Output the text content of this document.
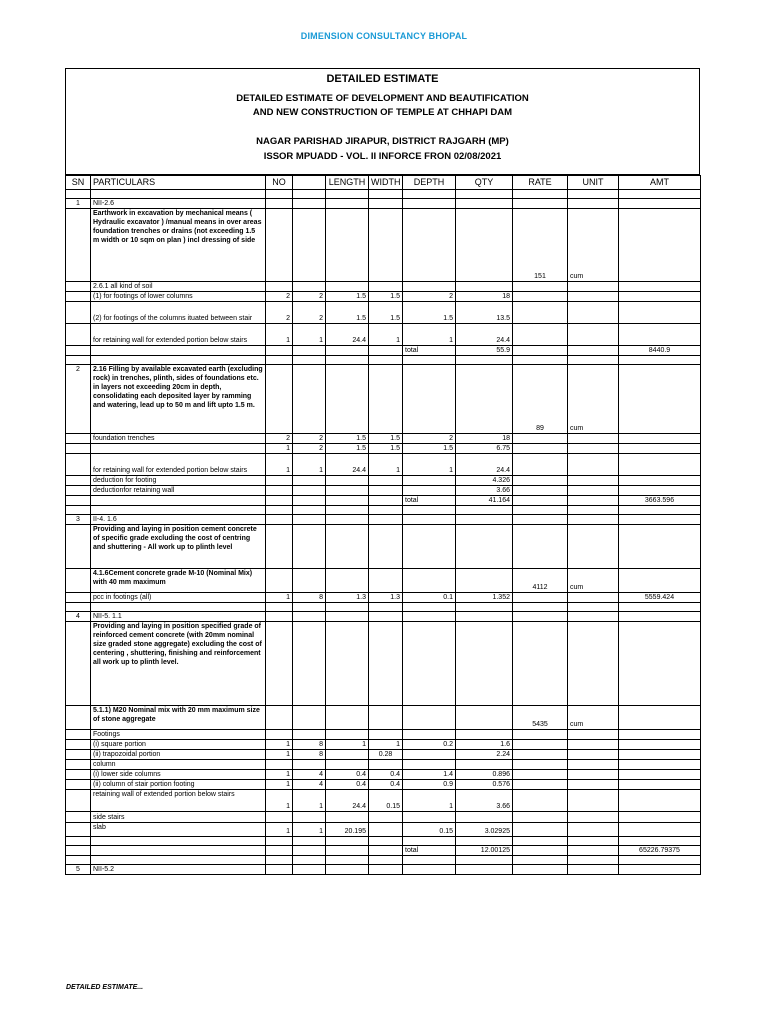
DIMENSION CONSULTANCY BHOPAL
DETAILED ESTIMATE
DETAILED ESTIMATE OF DEVELOPMENT AND BEAUTIFICATION
AND NEW CONSTRUCTION OF TEMPLE AT CHHAPI DAM
NAGAR PARISHAD JIRAPUR, DISTRICT RAJGARH (MP)
ISSOR MPUADD - VOL. II INFORCE FRON 02/08/2021
SN	PARTICULARS	NO		LENGTH	WIDTH	DEPTH	QTY	RATE	UNIT	AMT

1	NII-2.6									
	Earthwork in excavation by mechanical means ( Hydraulic excavator ) /manual means in over areas foundation trenches or drains (not exceeding 1.5 m width or 10 sqm on plan ) incl dressing of side							151	cum	
	2.6.1 all kind of soil									
	(1) for footings of lower columns	2	2	1.5	1.5	2	18			
	(2) for footings of the columns ituated between stair	2	2	1.5	1.5	1.5	13.5			
	for retaining wall for extended portion below stairs	1	1	24.4	1	1	24.4			
						total	55.9			8440.9

2	2.16 Filling by available excavated earth (excluding rock) in trenches, plinth, sides of foundations etc. in layers not exceeding 20cm in depth, consolidating each deposited layer by ramming and watering, lead up to 50 m and lift upto 1.5 m.							89	cum	
	foundation trenches	2	2	1.5	1.5	2	18			
		1	2	1.5	1.5	1.5	6.75			
	for retaining wall for extended portion below stairs	1	1	24.4	1	1	24.4			
	deduction for footing						4.326			
	deductionfor retaining wall						3.66			
						total	41.164			3663.596

3	II-4. 1.6									
	Providing and laying in position cement concrete of specific grade excluding the cost of centring and shuttering - All work up to plinth level									
	4.1.6Cement concrete grade M-10 (Nominal Mix) with 40 mm maximum							4112	cum	
	pcc in footings (all)	1	8	1.3	1.3	0.1	1.352			5559.424

4	NII-5. 1.1									
	Providing and laying in position specified grade of reinforced cement concrete (with 20mm nominal size graded stone aggregate) excluding the cost of centering , shuttering, finishing and reinforcement all work up to plinth level.									
	5.1.1) M20 Nominal mix with 20 mm maximum size of stone aggregate							5435	cum	
	Footings									
	(i) square portion	1	8	1	1	0.2	1.6			
	(ii) trapozoidal portion	1	8		0.28		2.24			
	column									
	(i) lower side columns	1	4	0.4	0.4	1.4	0.896			
	(ii) column of stair portion footing	1	4	0.4	0.4	0.9	0.576			
	retaining wall of extended portion below stairs	1	1	24.4	0.15	1	3.66			
	side stairs									
	slab	1	1	20.195		0.15	3.02925			

						total	12.00125			65226.79375

5	NII-5.2									
DETAILED ESTIMATE...
